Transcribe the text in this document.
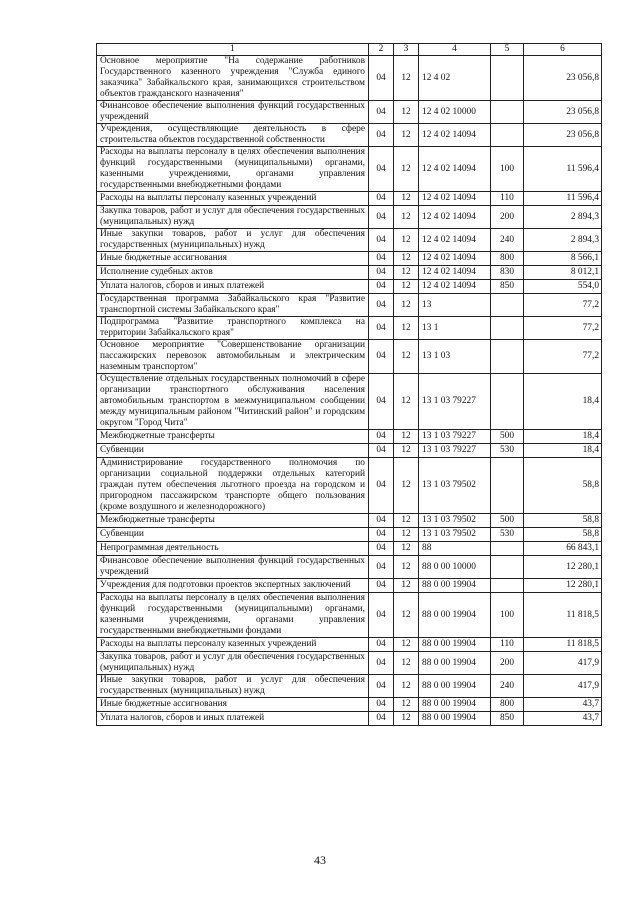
1	2	3	4	5	6
Основное мероприятие "На содержание работников Государственного казенного учреждения "Служба единого заказчика" Забайкальского края, занимающихся строительством объектов гражданского назначения"	04	12	12 4 02		23 056,8
Финансовое обеспечение выполнения функций государственных учреждений	04	12	12 4 02 10000		23 056,8
Учреждения, осуществляющие деятельность в сфере строительства объектов государственной собственности	04	12	12 4 02 14094		23 056,8
Расходы на выплаты персоналу в целях обеспечения выполнения функций государственными (муниципальными) органами, казенными учреждениями, органами управления государственными внебюджетными фондами	04	12	12 4 02 14094	100	11 596,4
Расходы на выплаты персоналу казенных учреждений	04	12	12 4 02 14094	110	11 596,4
Закупка товаров, работ и услуг для обеспечения государственных (муниципальных) нужд	04	12	12 4 02 14094	200	2 894,3
Иные закупки товаров, работ и услуг для обеспечения государственных (муниципальных) нужд	04	12	12 4 02 14094	240	2 894,3
Иные бюджетные ассигнования	04	12	12 4 02 14094	800	8 566,1
Исполнение судебных актов	04	12	12 4 02 14094	830	8 012,1
Уплата налогов, сборов и иных платежей	04	12	12 4 02 14094	850	554,0
Государственная программа Забайкальского края "Развитие транспортной системы Забайкальского края"	04	12	13		77,2
Подпрограмма "Развитие транспортного комплекса на территории Забайкальского края"	04	12	13 1		77,2
Основное мероприятие "Совершенствование организации пассажирских перевозок автомобильным и электрическим наземным транспортом"	04	12	13 1 03		77,2
Осуществление отдельных государственных полномочий в сфере организации транспортного обслуживания населения автомобильным транспортом в межмуниципальном сообщении между муниципальным районом "Читинский район" и городским округом "Город Чита"	04	12	13 1 03 79227		18,4
Межбюджетные трансферты	04	12	13 1 03 79227	500	18,4
Субвенции	04	12	13 1 03 79227	530	18,4
Администрирование государственного полномочия по организации социальной поддержки отдельных категорий граждан путем обеспечения льготного проезда на городском и пригородном пассажирском транспорте общего пользования (кроме воздушного и железнодорожного)	04	12	13 1 03 79502		58,8
Межбюджетные трансферты	04	12	13 1 03 79502	500	58,8
Субвенции	04	12	13 1 03 79502	530	58,8
Непрограммная деятельность	04	12	88		66 843,1
Финансовое обеспечение выполнения функций государственных учреждений	04	12	88 0 00 10000		12 280,1
Учреждения для подготовки проектов экспертных заключений	04	12	88 0 00 19904		12 280,1
Расходы на выплаты персоналу в целях обеспечения выполнения функций государственными (муниципальными) органами, казенными учреждениями, органами управления государственными внебюджетными фондами	04	12	88 0 00 19904	100	11 818,5
Расходы на выплаты персоналу казенных учреждений	04	12	88 0 00 19904	110	11 818,5
Закупка товаров, работ и услуг для обеспечения государственных (муниципальных) нужд	04	12	88 0 00 19904	200	417,9
Иные закупки товаров, работ и услуг для обеспечения государственных (муниципальных) нужд	04	12	88 0 00 19904	240	417,9
Иные бюджетные ассигнования	04	12	88 0 00 19904	800	43,7
Уплата налогов, сборов и иных платежей	04	12	88 0 00 19904	850	43,7
43
